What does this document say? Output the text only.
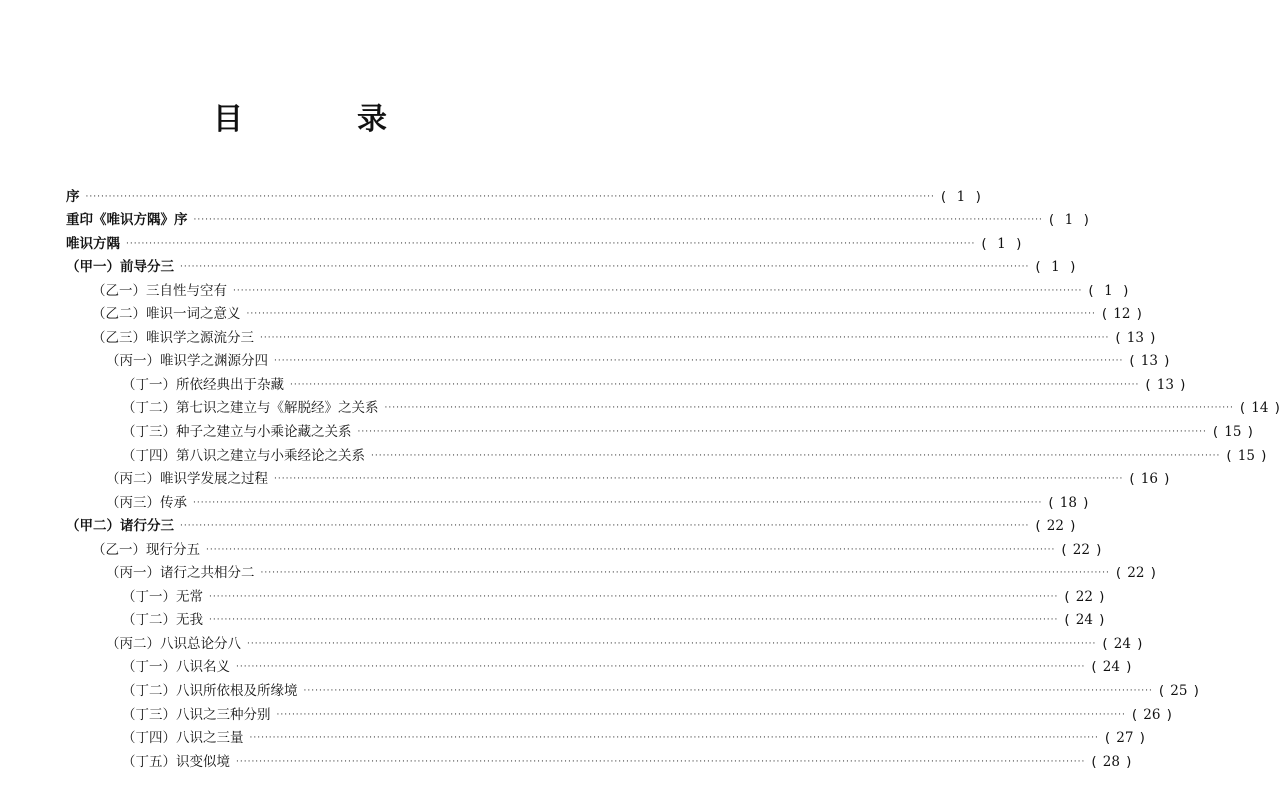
目　录
序 ···························································································································································································································· ( 1 )
重印《唯识方隅》序 ···························································································································································································································· ( 1 )
唯识方隅 ···························································································································································································································· ( 1 )
（甲一）前导分三 ···························································································································································································································· ( 1 )
（乙一）三自性与空有 ···························································································································································································································· ( 1 )
（乙二）唯识一词之意义 ···························································································································································································································· ( 12 )
（乙三）唯识学之源流分三 ···························································································································································································································· ( 13 )
（丙一）唯识学之渊源分四 ···························································································································································································································· ( 13 )
（丁一）所依经典出于杂藏 ···························································································································································································································· ( 13 )
（丁二）第七识之建立与《解脱经》之关系 ···························································································································································································································· ( 14 )
（丁三）种子之建立与小乘论藏之关系 ···························································································································································································································· ( 15 )
（丁四）第八识之建立与小乘经论之关系 ···························································································································································································································· ( 15 )
（丙二）唯识学发展之过程 ···························································································································································································································· ( 16 )
（丙三）传承 ···························································································································································································································· ( 18 )
（甲二）诸行分三 ···························································································································································································································· ( 22 )
（乙一）现行分五 ···························································································································································································································· ( 22 )
（丙一）诸行之共相分二 ···························································································································································································································· ( 22 )
（丁一）无常 ···························································································································································································································· ( 22 )
（丁二）无我 ···························································································································································································································· ( 24 )
（丙二）八识总论分八 ···························································································································································································································· ( 24 )
（丁一）八识名义 ···························································································································································································································· ( 24 )
（丁二）八识所依根及所缘境 ···························································································································································································································· ( 25 )
（丁三）八识之三种分别 ···························································································································································································································· ( 26 )
（丁四）八识之三量 ···························································································································································································································· ( 27 )
（丁五）识变似境 ···························································································································································································································· ( 28 )
